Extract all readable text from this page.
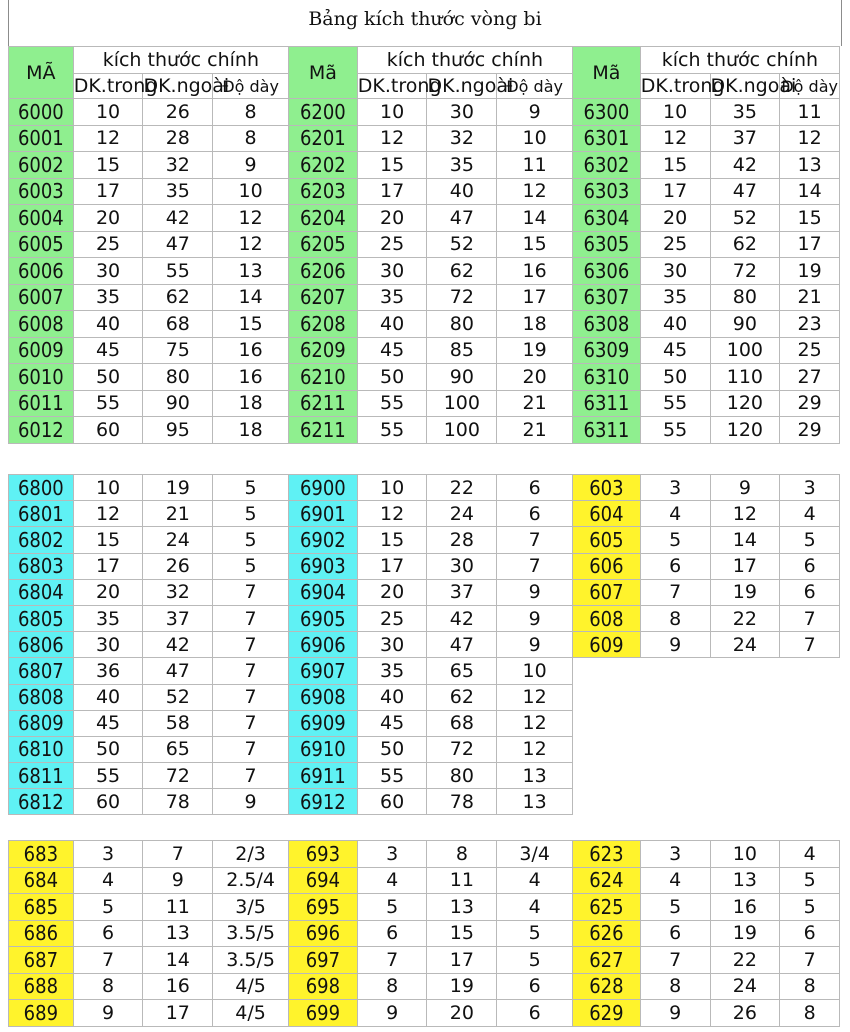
Bảng kích thước vòng bi
MÃ	kích thước chính			Mã	kích thước chính			Mã	kích thước chính		
	DK.trong	DK.ngoài	Độ dày		DK.trong	DK.ngoài	Độ dày		DK.trong	DK.ngoài	Độ dày
6000	10	26	8	6200	10	30	9	6300	10	35	11
6001	12	28	8	6201	12	32	10	6301	12	37	12
6002	15	32	9	6202	15	35	11	6302	15	42	13
6003	17	35	10	6203	17	40	12	6303	17	47	14
6004	20	42	12	6204	20	47	14	6304	20	52	15
6005	25	47	12	6205	25	52	15	6305	25	62	17
6006	30	55	13	6206	30	62	16	6306	30	72	19
6007	35	62	14	6207	35	72	17	6307	35	80	21
6008	40	68	15	6208	40	80	18	6308	40	90	23
6009	45	75	16	6209	45	85	19	6309	45	100	25
6010	50	80	16	6210	50	90	20	6310	50	110	27
6011	55	90	18	6211	55	100	21	6311	55	120	29
6012	60	95	18	6211	55	100	21	6311	55	120	29
6800	10	19	5	6900	10	22	6	603	3	9	3
6801	12	21	5	6901	12	24	6	604	4	12	4
6802	15	24	5	6902	15	28	7	605	5	14	5
6803	17	26	5	6903	17	30	7	606	6	17	6
6804	20	32	7	6904	20	37	9	607	7	19	6
6805	35	37	7	6905	25	42	9	608	8	22	7
6806	30	42	7	6906	30	47	9	609	9	24	7
6807	36	47	7	6907	35	65	10				
6808	40	52	7	6908	40	62	12				
6809	45	58	7	6909	45	68	12				
6810	50	65	7	6910	50	72	12				
6811	55	72	7	6911	55	80	13				
6812	60	78	9	6912	60	78	13				
683	3	7	2/3	693	3	8	3/4	623	3	10	4
684	4	9	2.5/4	694	4	11	4	624	4	13	5
685	5	11	3/5	695	5	13	4	625	5	16	5
686	6	13	3.5/5	696	6	15	5	626	6	19	6
687	7	14	3.5/5	697	7	17	5	627	7	22	7
688	8	16	4/5	698	8	19	6	628	8	24	8
689	9	17	4/5	699	9	20	6	629	9	26	8
